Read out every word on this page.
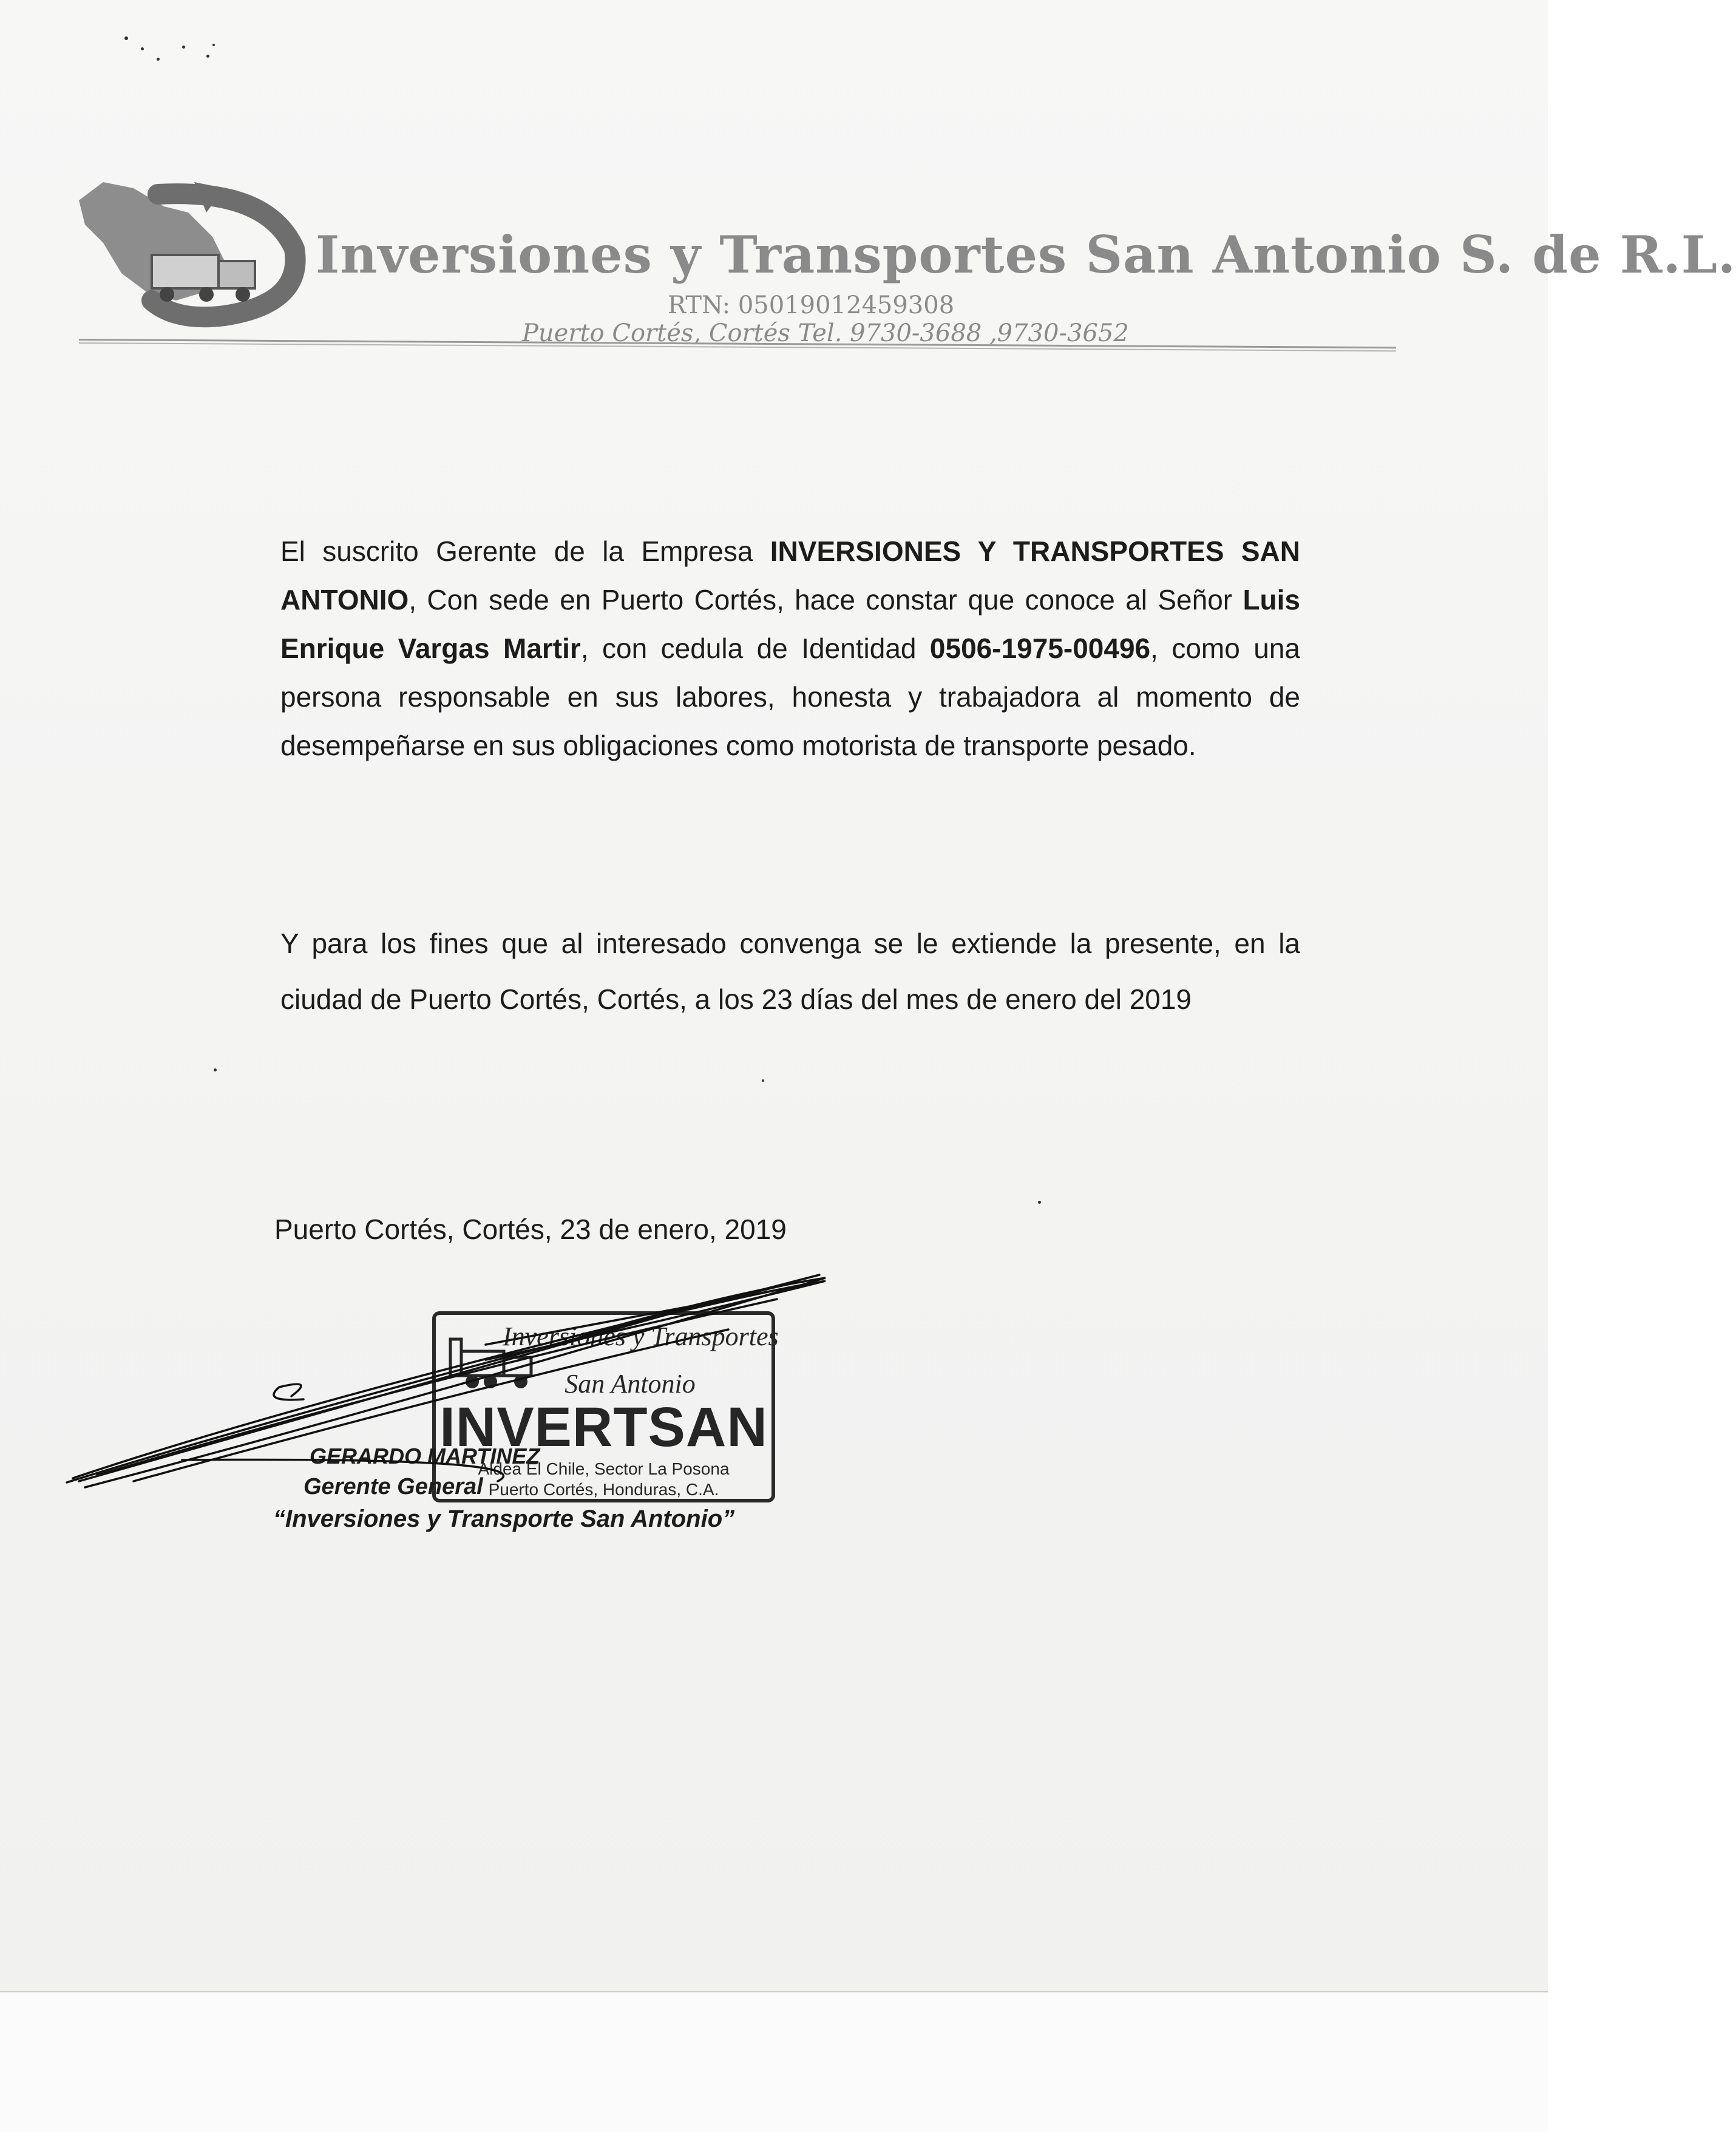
Inversiones y Transportes San Antonio S. de R.L.
RTN: 05019012459308
Puerto Cortés, Cortés Tel. 9730-3688 ,9730-3652
El suscrito Gerente de la Empresa INVERSIONES Y TRANSPORTES SAN ANTONIO, Con sede en Puerto Cortés, hace constar que conoce al Señor Luis Enrique Vargas Martir, con cedula de Identidad 0506-1975-00496, como una persona responsable en sus labores, honesta y trabajadora al momento de desempeñarse en sus obligaciones como motorista de transporte pesado.
Y para los fines que al interesado convenga se le extiende la presente, en la ciudad de Puerto Cortés, Cortés, a los 23 días del mes de enero del 2019
Puerto Cortés, Cortés, 23 de enero, 2019
Inversiones y Transportes
San Antonio
INVERTSAN
Aldea El Chile, Sector La Posona
Puerto Cortés, Honduras, C.A.
GERARDO MARTINEZ
Gerente General
“Inversiones y Transporte San Antonio”
